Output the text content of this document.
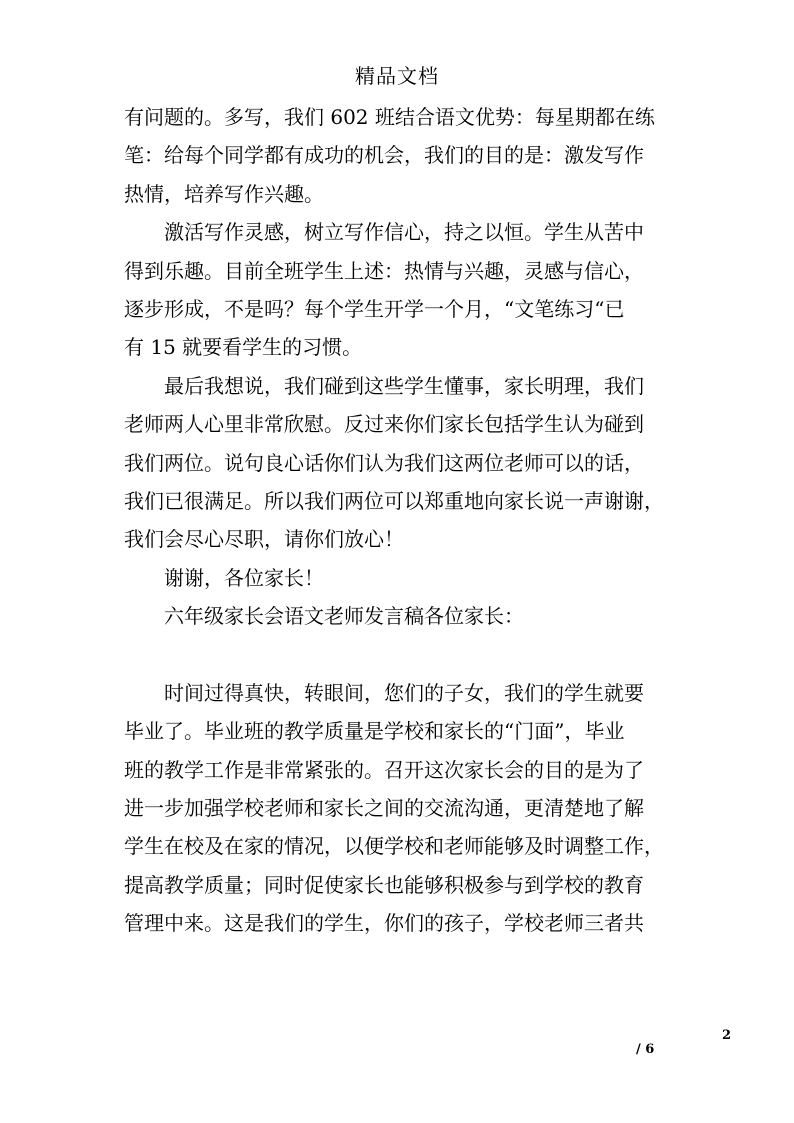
精品文档
有问题的。多写，我们 602 班结合语文优势：每星期都在练
笔：给每个同学都有成功的机会，我们的目的是：激发写作
热情，培养写作兴趣。
激活写作灵感，树立写作信心，持之以恒。学生从苦中
得到乐趣。目前全班学生上述：热情与兴趣，灵感与信心，
逐步形成，不是吗？每个学生开学一个月，“文笔练习“已
有 15 就要看学生的习惯。
最后我想说，我们碰到这些学生懂事，家长明理，我们
老师两人心里非常欣慰。反过来你们家长包括学生认为碰到
我们两位。说句良心话你们认为我们这两位老师可以的话，
我们已很满足。所以我们两位可以郑重地向家长说一声谢谢，
我们会尽心尽职，请你们放心！
谢谢，各位家长！
六年级家长会语文老师发言稿各位家长：
时间过得真快，转眼间，您们的子女，我们的学生就要
毕业了。毕业班的教学质量是学校和家长的“门面”，毕业
班的教学工作是非常紧张的。召开这次家长会的目的是为了
进一步加强学校老师和家长之间的交流沟通，更清楚地了解
学生在校及在家的情况，以便学校和老师能够及时调整工作，
提高教学质量；同时促使家长也能够积极参与到学校的教育
管理中来。这是我们的学生，你们的孩子，学校老师三者共
2
/ 6
